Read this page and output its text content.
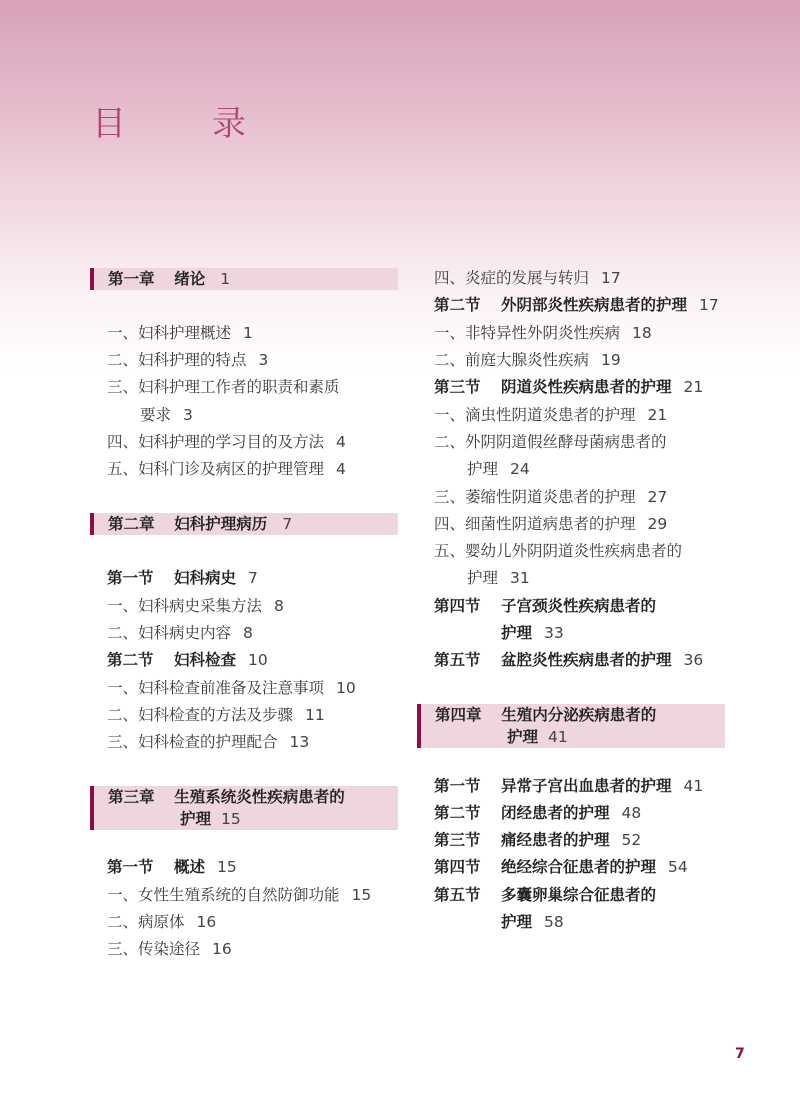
目　录
第一章 绪论 1
一、妇科护理概述 1
二、妇科护理的特点 3
三、妇科护理工作者的职责和素质
要求 3
四、妇科护理的学习目的及方法 4
五、妇科门诊及病区的护理管理 4
第二章 妇科护理病历 7
第一节 妇科病史 7
一、妇科病史采集方法 8
二、妇科病史内容 8
第二节 妇科检查 10
一、妇科检查前准备及注意事项 10
二、妇科检查的方法及步骤 11
三、妇科检查的护理配合 13
第三章 生殖系统炎性疾病患者的
护理 15
第一节 概述 15
一、女性生殖系统的自然防御功能 15
二、病原体 16
三、传染途径 16
四、炎症的发展与转归 17
第二节 外阴部炎性疾病患者的护理 17
一、非特异性外阴炎性疾病 18
二、前庭大腺炎性疾病 19
第三节 阴道炎性疾病患者的护理 21
一、滴虫性阴道炎患者的护理 21
二、外阴阴道假丝酵母菌病患者的
护理 24
三、萎缩性阴道炎患者的护理 27
四、细菌性阴道病患者的护理 29
五、婴幼儿外阴阴道炎性疾病患者的
护理 31
第四节 子宫颈炎性疾病患者的
护理 33
第五节 盆腔炎性疾病患者的护理 36
第四章 生殖内分泌疾病患者的
护理 41
第一节 异常子宫出血患者的护理 41
第二节 闭经患者的护理 48
第三节 痛经患者的护理 52
第四节 绝经综合征患者的护理 54
第五节 多囊卵巢综合征患者的
护理 58
7
